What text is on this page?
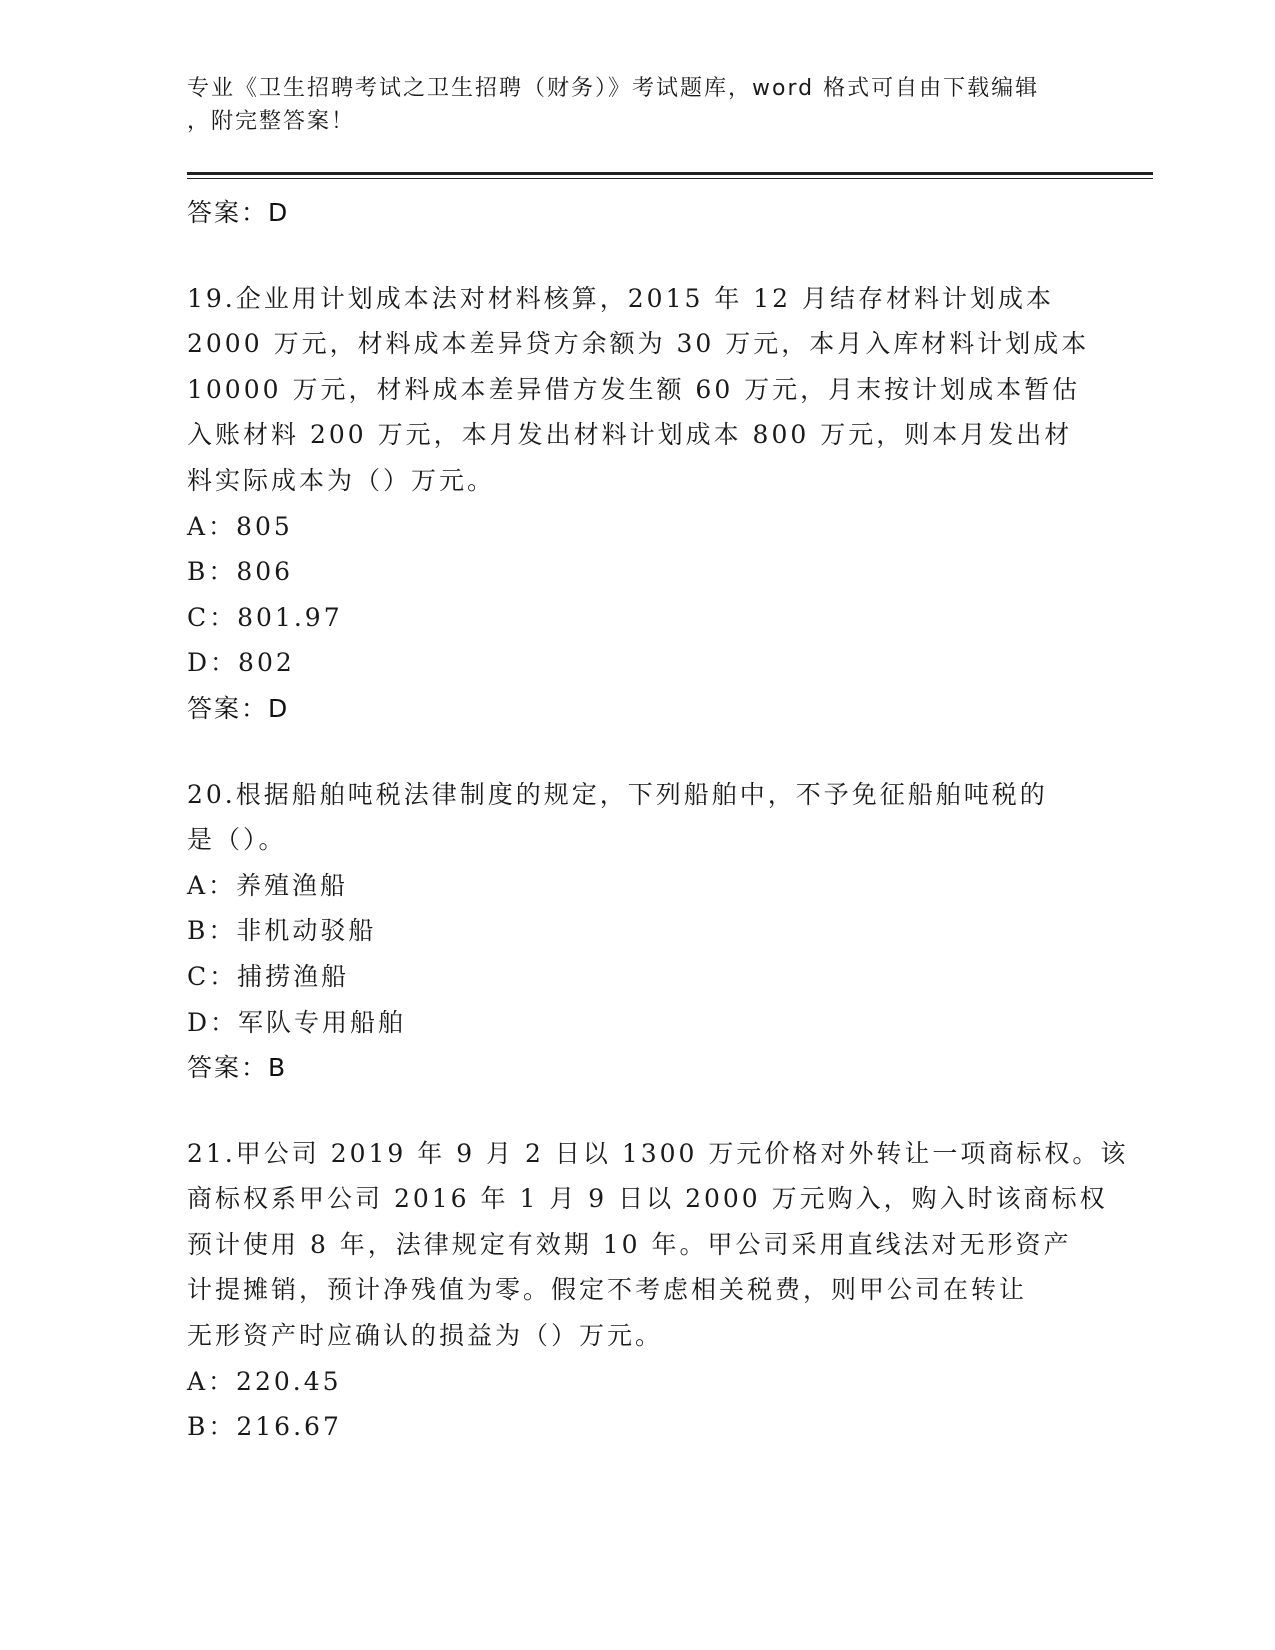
专业《卫生招聘考试之卫生招聘（财务）》考试题库，word 格式可自由下载编辑
，附完整答案！
答案：D
19.企业用计划成本法对材料核算，2015 年 12 月结存材料计划成本
2000 万元，材料成本差异贷方余额为 30 万元，本月入库材料计划成本
10000 万元，材料成本差异借方发生额 60 万元，月末按计划成本暂估
入账材料 200 万元，本月发出材料计划成本 800 万元，则本月发出材
料实际成本为（）万元。
A：805
B：806
C：801.97
D：802
答案：D
20.根据船舶吨税法律制度的规定，下列船舶中，不予免征船舶吨税的
是（）。
A：养殖渔船
B：非机动驳船
C：捕捞渔船
D：军队专用船舶
答案：B
21.甲公司 2019 年 9 月 2 日以 1300 万元价格对外转让一项商标权。该
商标权系甲公司 2016 年 1 月 9 日以 2000 万元购入，购入时该商标权
预计使用 8 年，法律规定有效期 10 年。甲公司采用直线法对无形资产
计提摊销，预计净残值为零。假定不考虑相关税费，则甲公司在转让
无形资产时应确认的损益为（）万元。
A：220.45
B：216.67
